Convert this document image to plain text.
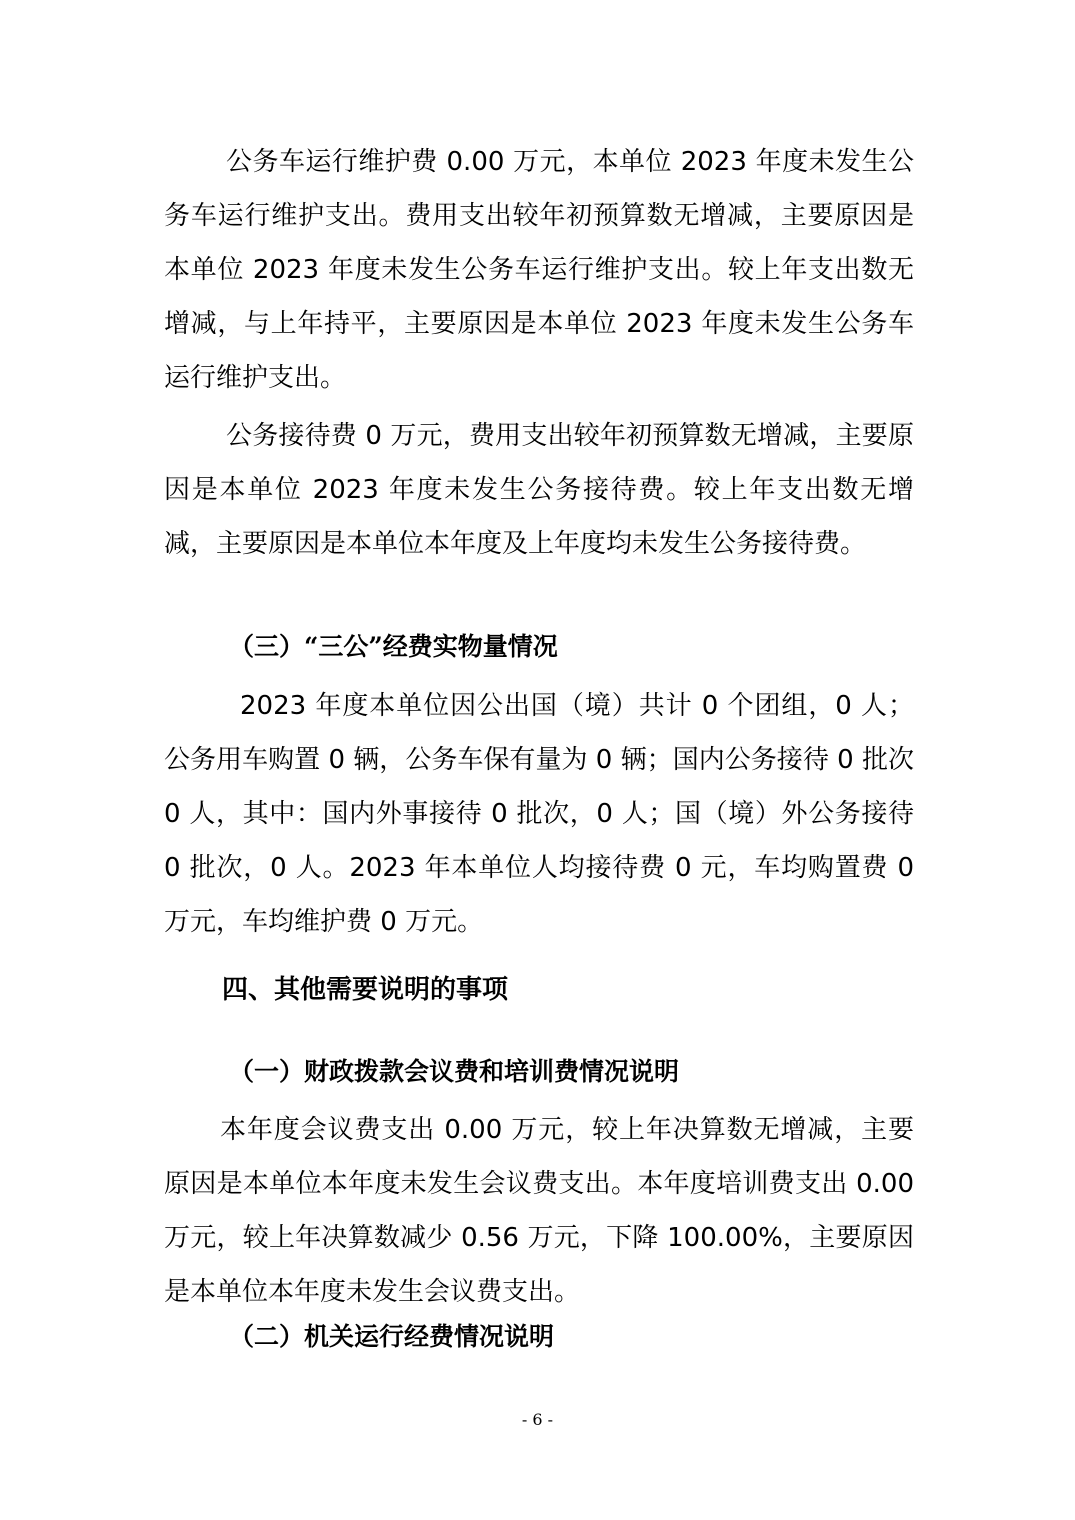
公务车运行维护费 0.00 万元，本单位 2023 年度未发生公务车运行维护支出。费用支出较年初预算数无增减，主要原因是本单位 2023 年度未发生公务车运行维护支出。较上年支出数无增减，与上年持平，主要原因是本单位 2023 年度未发生公务车运行维护支出。

公务接待费 0 万元，费用支出较年初预算数无增减，主要原因是本单位 2023 年度未发生公务接待费。较上年支出数无增减，主要原因是本单位本年度及上年度均未发生公务接待费。

（三）“三公”经费实物量情况

2023 年度本单位因公出国（境）共计 0 个团组，0 人；公务用车购置 0 辆，公务车保有量为 0 辆；国内公务接待 0 批次 0 人，其中：国内外事接待 0 批次，0 人；国（境）外公务接待 0 批次，0 人。2023 年本单位人均接待费 0 元，车均购置费 0 万元，车均维护费 0 万元。

四、其他需要说明的事项

（一）财政拨款会议费和培训费情况说明

本年度会议费支出 0.00 万元，较上年决算数无增减，主要原因是本单位本年度未发生会议费支出。本年度培训费支出 0.00 万元，较上年决算数减少 0.56 万元，下降 100.00%，主要原因是本单位本年度未发生会议费支出。

（二）机关运行经费情况说明

- 6 -
